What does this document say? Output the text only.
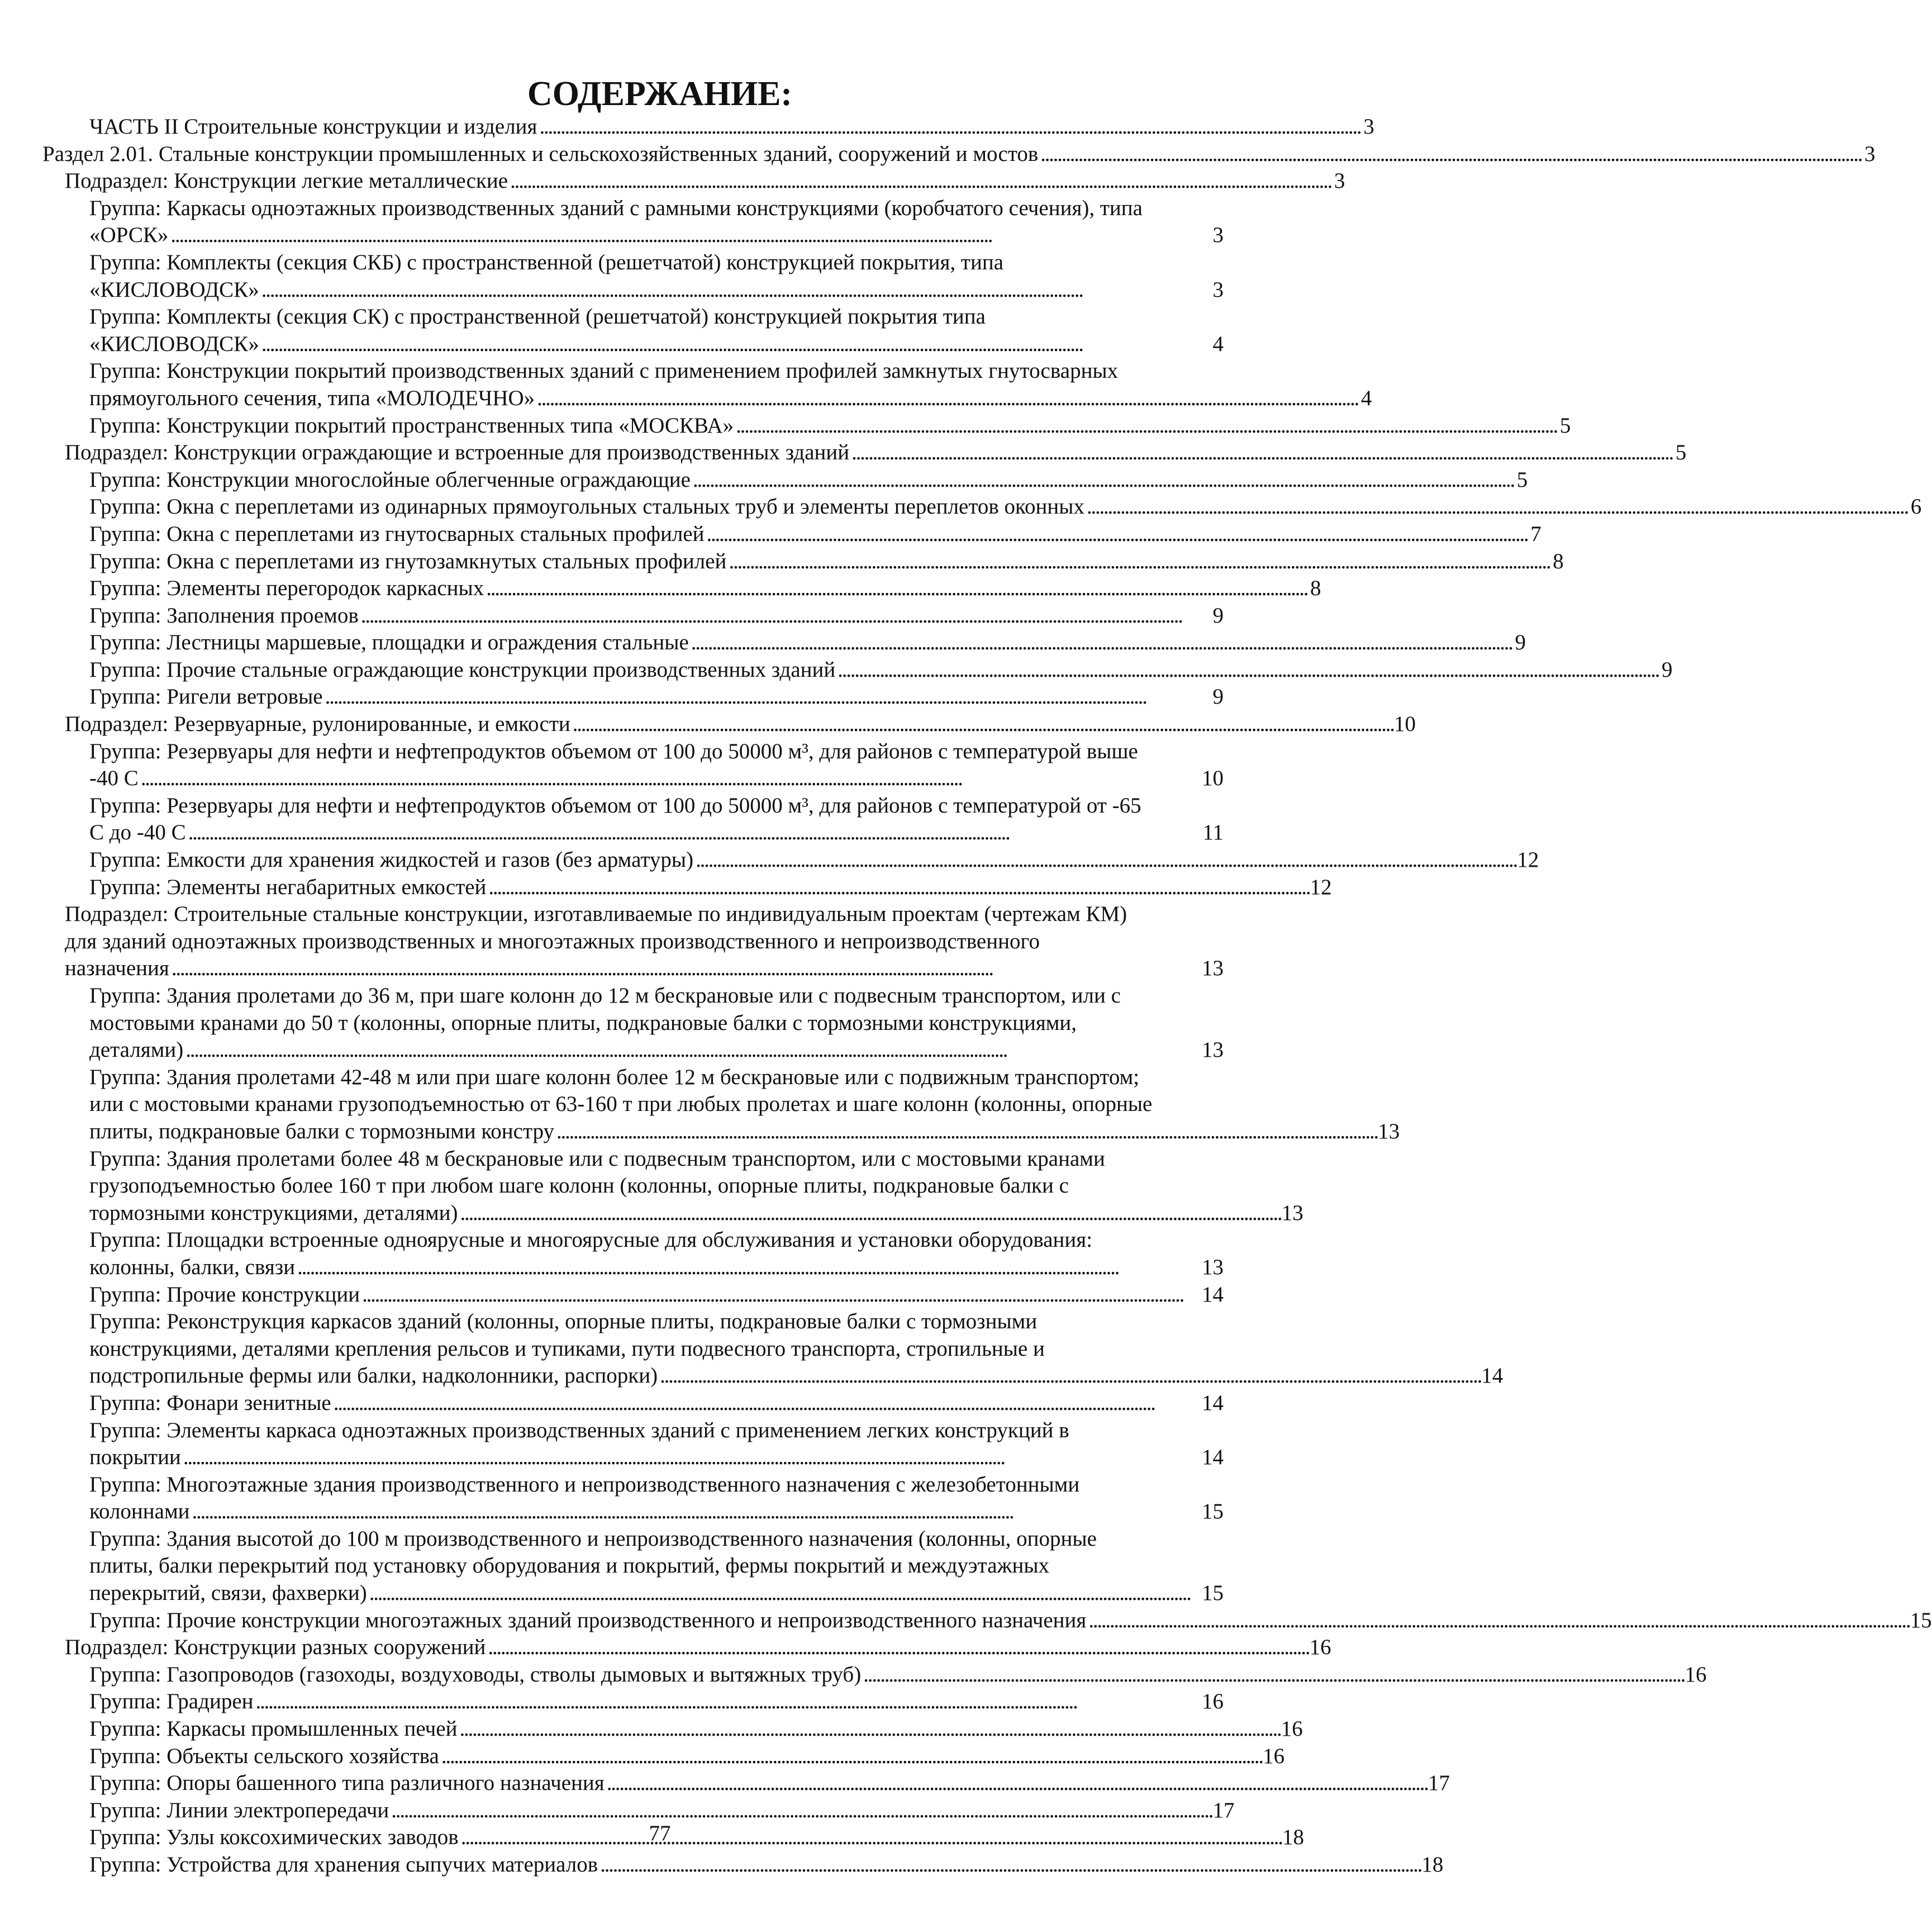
СОДЕРЖАНИЕ:
ЧАСТЬ II Строительные конструкции и изделия . . .	3
Раздел 2.01. Стальные конструкции промышленных и сельскохозяйственных зданий, сооружений и мостов . . .	3
Подраздел: Конструкции легкие металлические . . .	3
Группа: Каркасы одноэтажных производственных зданий с рамными конструкциями (коробчатого сечения), типа
«ОРСК» . . .	3
Группа: Комплекты (секция СКБ) с пространственной (решетчатой) конструкцией покрытия, типа
«КИСЛОВОДСК» . . .	3
Группа: Комплекты (секция СК) с пространственной (решетчатой) конструкцией покрытия типа
«КИСЛОВОДСК» . . .	4
Группа: Конструкции покрытий производственных зданий с применением профилей замкнутых гнутосварных
прямоугольного сечения, типа «МОЛОДЕЧНО» . . .	4
Группа: Конструкции покрытий пространственных типа «МОСКВА» . . .	5
Подраздел: Конструкции ограждающие и встроенные для производственных зданий . . .	5
Группа: Конструкции многослойные облегченные ограждающие . . .	5
Группа: Окна с переплетами из одинарных прямоугольных стальных труб и элементы переплетов оконных . . .	6
Группа: Окна с переплетами из гнутосварных стальных профилей . . .	7
Группа: Окна с переплетами из гнутозамкнутых стальных профилей . . .	8
Группа: Элементы перегородок каркасных . . .	8
Группа: Заполнения проемов . . .	9
Группа: Лестницы маршевые, площадки и ограждения стальные . . .	9
Группа: Прочие стальные ограждающие конструкции производственных зданий . . .	9
Группа: Ригели ветровые . . .	9
Подраздел: Резервуарные, рулонированные, и емкости . . .	10
Группа: Резервуары для нефти и нефтепродуктов объемом от 100 до 50000 м³, для районов с температурой выше
-40 С . . .	10
Группа: Резервуары для нефти и нефтепродуктов объемом от 100 до 50000 м³, для районов с температурой от -65
С до -40 С . . .	11
Группа: Емкости для хранения жидкостей и газов (без арматуры) . . .	12
Группа: Элементы негабаритных емкостей . . .	12
Подраздел: Строительные стальные конструкции, изготавливаемые по индивидуальным проектам (чертежам КМ)
для зданий одноэтажных производственных и многоэтажных производственного и непроизводственного
назначения . . .	13
Группа: Здания пролетами до 36 м, при шаге колонн до 12 м бескрановые или с подвесным транспортом, или с
мостовыми кранами до 50 т (колонны, опорные плиты, подкрановые балки с тормозными конструкциями,
деталями) . . .	13
Группа: Здания пролетами 42-48 м или при шаге колонн более 12 м бескрановые или с подвижным транспортом;
или с мостовыми кранами грузоподъемностью от 63-160 т при любых пролетах и шаге колонн (колонны, опорные
плиты, подкрановые балки с тормозными констру . . .	13
Группа: Здания пролетами более 48 м бескрановые или с подвесным транспортом, или с мостовыми кранами
грузоподъемностью более 160 т при любом шаге колонн (колонны, опорные плиты, подкрановые балки с
тормозными конструкциями, деталями) . . .	13
Группа: Площадки встроенные одноярусные и многоярусные для обслуживания и установки оборудования:
колонны, балки, связи . . .	13
Группа: Прочие конструкции . . .	14
Группа: Реконструкция каркасов зданий (колонны, опорные плиты, подкрановые балки с тормозными
конструкциями, деталями крепления рельсов и тупиками, пути подвесного транспорта, стропильные и
подстропильные фермы или балки, надколонники, распорки) . . .	14
Группа: Фонари зенитные . . .	14
Группа: Элементы каркаса одноэтажных производственных зданий с применением легких конструкций в
покрытии . . .	14
Группа: Многоэтажные здания производственного и непроизводственного назначения с железобетонными
колоннами . . .	15
Группа: Здания высотой до 100 м производственного и непроизводственного назначения (колонны, опорные
плиты, балки перекрытий под установку оборудования и покрытий, фермы покрытий и междуэтажных
перекрытий, связи, фахверки) . . .	15
Группа: Прочие конструкции многоэтажных зданий производственного и непроизводственного назначения . . .	15
Подраздел: Конструкции разных сооружений . . .	16
Группа: Газопроводов (газоходы, воздуховоды, стволы дымовых и вытяжных труб) . . .	16
Группа: Градирен . . .	16
Группа: Каркасы промышленных печей . . .	16
Группа: Объекты сельского хозяйства . . .	16
Группа: Опоры башенного типа различного назначения . . .	17
Группа: Линии электропередачи . . .	17
Группа: Узлы коксохимических заводов . . .	18
Группа: Устройства для хранения сыпучих материалов . . .	18
77
